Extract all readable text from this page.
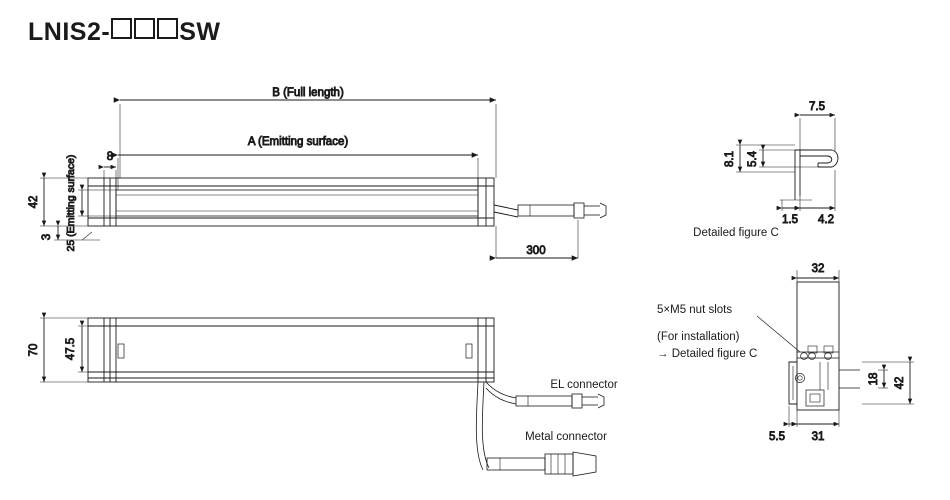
LNIS2-	SW
B (Full length)
A (Emitting surface)
8
25 (Emitting surface)
42
3
300
70 47.5
7.5
8.1 5.4
1.5 4.2
32
42
18
5.5 31
Detailed figure C
5×M5 nut slots
(For installation)
→ Detailed figure C
EL connector
Metal connector
